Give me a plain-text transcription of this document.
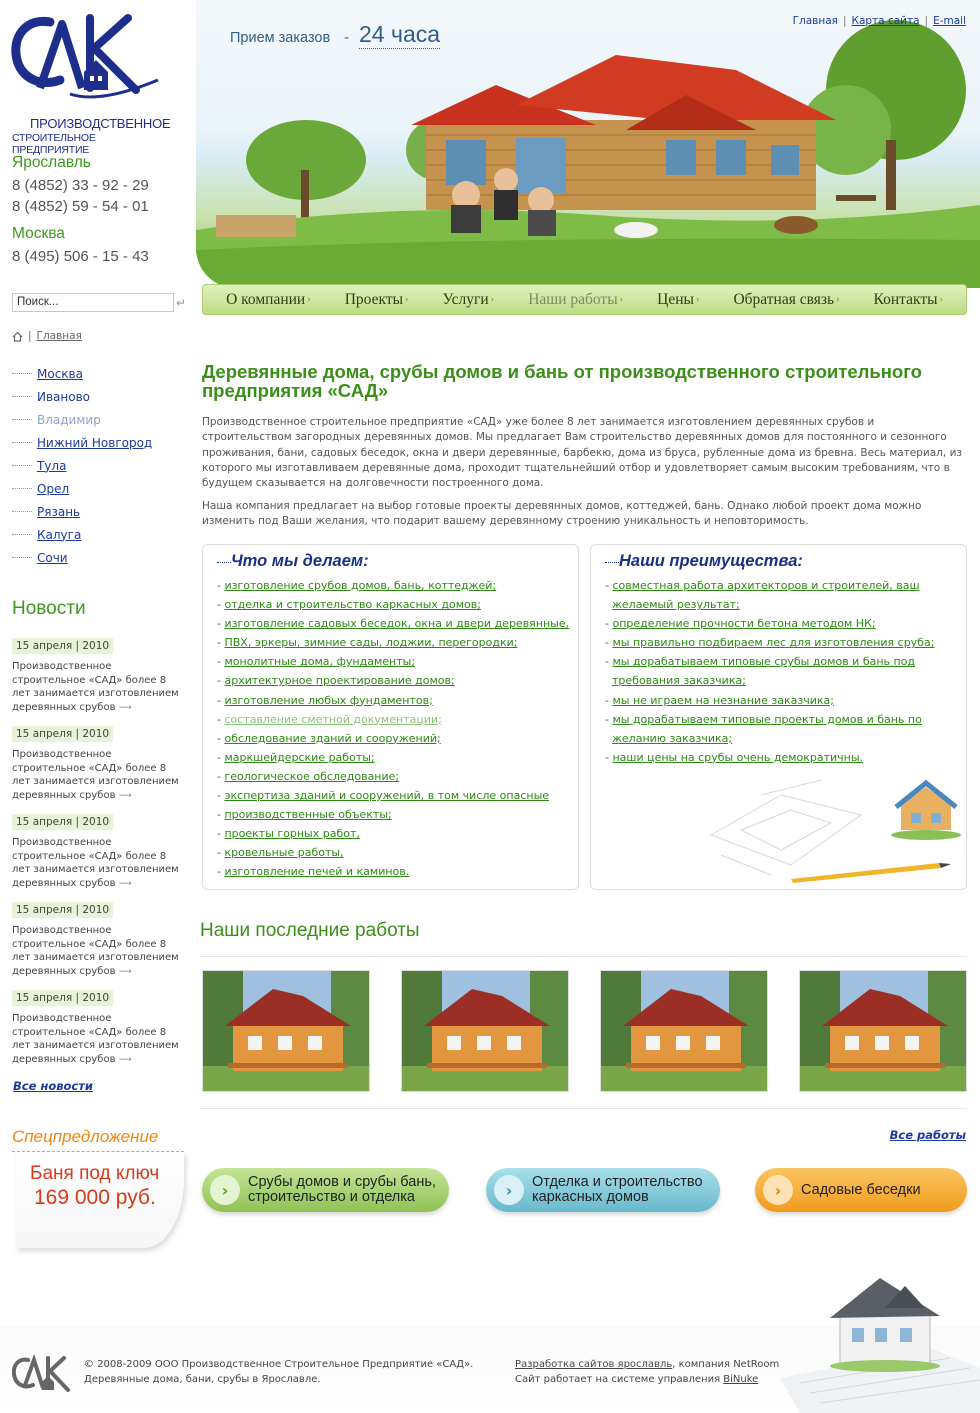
ПРОИЗВОДСТВЕННОЕ
СТРОИТЕЛЬНОЕ ПРЕДПРИЯТИЕ
Ярославль
8 (4852) 33 - 92 - 29
8 (4852) 59 - 54 - 01
Москва
8 (495) 506 - 15 - 43
Поиск...	↵
| Главная
Москва
Иваново
Владимир
Нижний Новгород
Тула
Орел
Рязань
Калуга
Сочи
Новости
15 апреля | 2010
Производственное строительное «САД» более 8 лет занимается изготовлением деревянных срубов ⟶
15 апреля | 2010
Производственное строительное «САД» более 8 лет занимается изготовлением деревянных срубов ⟶
15 апреля | 2010
Производственное строительное «САД» более 8 лет занимается изготовлением деревянных срубов ⟶
15 апреля | 2010
Производственное строительное «САД» более 8 лет занимается изготовлением деревянных срубов ⟶
15 апреля | 2010
Производственное строительное «САД» более 8 лет занимается изготовлением деревянных срубов ⟶
Все новости
Спецпредложение
Баня под ключ
169 000 руб.
Прием заказов - 24 часа	Главная | Карта сайта | E-mail
О компании › Проекты › Услуги › Наши работы › Цены › Обратная связь › Контакты ›
Деревянные дома, срубы домов и бань от производственного строительного предприятия «САД»

Производственное строительное предприятие «САД» уже более 8 лет занимается изготовлением деревянных срубов и строительством загородных деревянных домов. Мы предлагает Вам строительство деревянных домов для постоянного и сезонного проживания, бани, садовых беседок, окна и двери деревянные, барбекю, дома из бруса, рубленные дома из бревна. Весь материал, из которого мы изготавливаем деревянные дома, проходит тщательнейший отбор и удовлетворяет самым высоким требованиям, что в будущем сказывается на долговечности построенного дома.

Наша компания предлагает на выбор готовые проекты деревянных домов, коттеджей, бань. Однако любой проект дома можно изменить под Ваши желания, что подарит вашему деревянному строению уникальность и неповторимость.

Что мы делаем:
- изготовление срубов домов, бань, коттеджей;
- отделка и строительство каркасных домов;
- изготовление садовых беседок, окна и двери деревянные,
- ПВХ, эркеры, зимние сады, лоджии, перегородки;
- монолитные дома, фундаменты;
- архитектурное проектирование домов;
- изготовление любых фундаментов;
- составление сметной документации;
- обследование зданий и сооружений;
- маркшейдерские работы;
- геологическое обследование;
- экспертиза зданий и сооружений, в том числе опасные
- производственные объекты;
- проекты горных работ,
- кровельные работы,
- изготовление печей и каминов.
Наши преимущества:
- совместная работа архитекторов и строителей, ваш
желаемый результат;
- определение прочности бетона методом НК;
- мы правильно подбираем лес для изготовления сруба;
- мы дорабатываем типовые срубы домов и бань под
требования заказчика;
- мы не играем на незнание заказчика;
- мы дорабатываем типовые проекты домов и бань по
желанию заказчика;
- наши цены на срубы очень демократичны.
Наши последние работы
Все работы
›	Срубы домов и срубы бань,
строительство и отделка	›	Отделка и строительство
каркасных домов	›	Садовые беседки
© 2008-2009 ООО Производственное Строительное Предприятие «САД».
Деревянные дома, бани, срубы в Ярославле.
Разработка сайтов ярославль, компания NetRoom
Сайт работает на системе управления BiNuke
